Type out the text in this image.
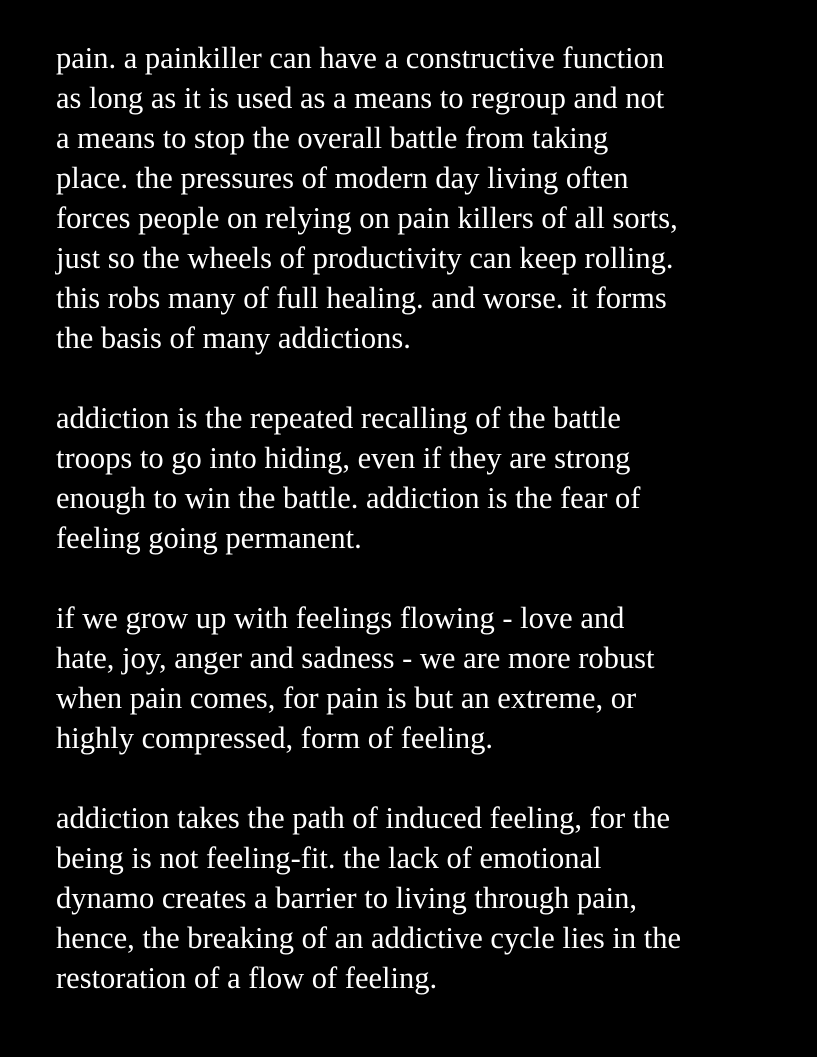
pain. a painkiller can have a constructive function
as long as it is used as a means to regroup and not
a means to stop the overall battle from taking
place. the pressures of modern day living often
forces people on relying on pain killers of all sorts,
just so the wheels of productivity can keep rolling.
this robs many of full healing. and worse. it forms
the basis of many addictions.
addiction is the repeated recalling of the battle
troops to go into hiding, even if they are strong
enough to win the battle. addiction is the fear of
feeling going permanent.
if we grow up with feelings flowing - love and
hate, joy, anger and sadness - we are more robust
when pain comes, for pain is but an extreme, or
highly compressed, form of feeling.
addiction takes the path of induced feeling, for the
being is not feeling-fit. the lack of emotional
dynamo creates a barrier to living through pain,
hence, the breaking of an addictive cycle lies in the
restoration of a flow of feeling.
